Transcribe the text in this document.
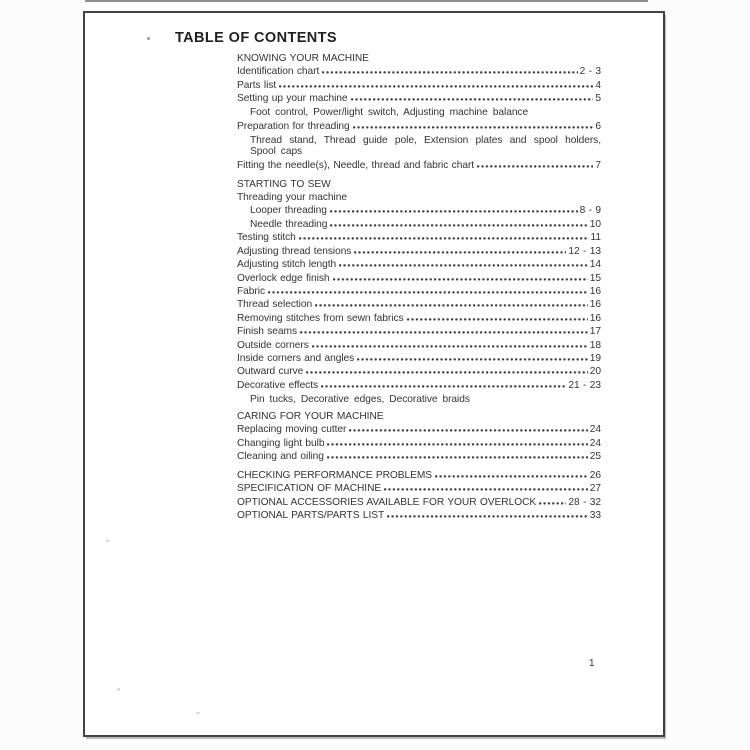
TABLE OF CONTENTS
KNOWING YOUR MACHINE
Identification chart	2 - 3
Parts list	4
Setting up your machine	5
Foot control, Power/light switch, Adjusting machine balance
Preparation for threading	6
Thread stand, Thread guide pole, Extension plates and spool holders,
Spool caps
Fitting the needle(s), Needle, thread and fabric chart	7
STARTING TO SEW
Threading your machine
Looper threading	8 - 9
Needle threading	10
Testing stitch	11
Adjusting thread tensions	12 - 13
Adjusting stitch length	14
Overlock edge finish	15
Fabric	16
Thread selection	16
Removing stitches from sewn fabrics	16
Finish seams	17
Outside corners	18
Inside corners and angles	19
Outward curve	20
Decorative effects	21 - 23
Pin tucks, Decorative edges, Decorative braids
CARING FOR YOUR MACHINE
Replacing moving cutter	24
Changing light bulb	24
Cleaning and oiling	25
CHECKING PERFORMANCE PROBLEMS	26
SPECIFICATION OF MACHINE	27
OPTIONAL ACCESSORIES AVAILABLE FOR YOUR OVERLOCK	28 - 32
OPTIONAL PARTS/PARTS LIST	33
1
